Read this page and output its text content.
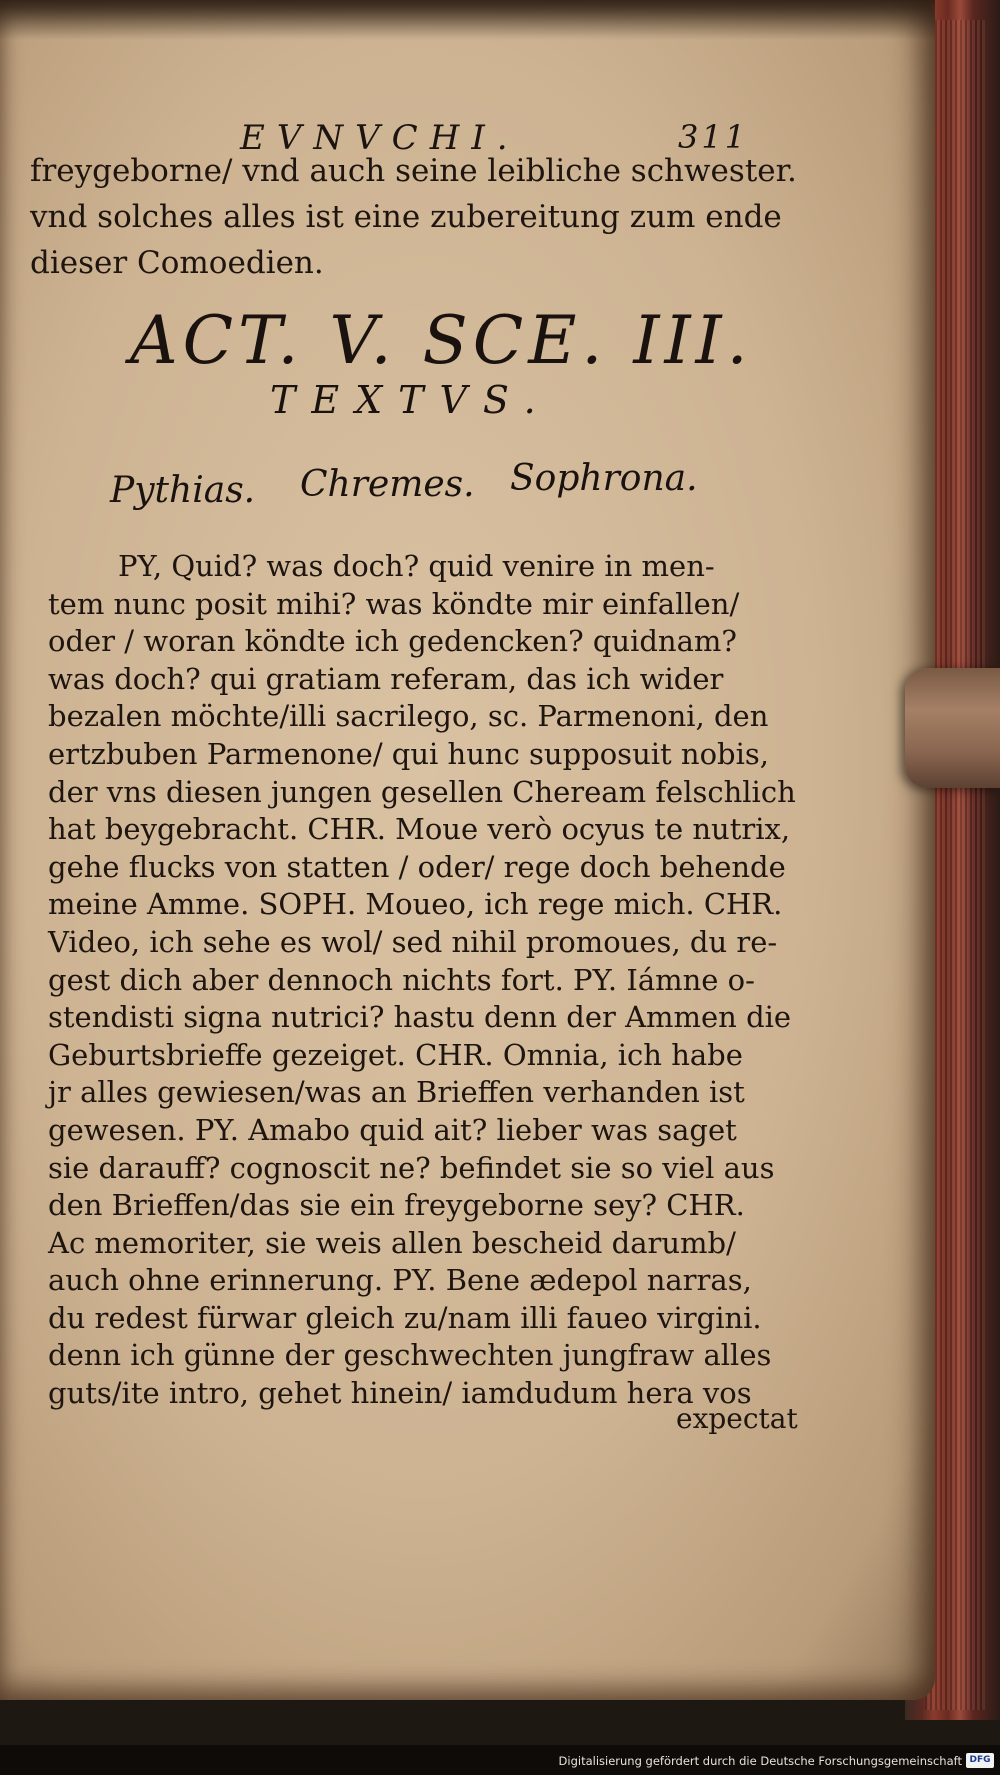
EVNVCHI.	311
freygeborne/ vnd auch seine leibliche schwester.
vnd solches alles ist eine zubereitung zum ende
dieser Comoedien.
ACT. V. SCE. III.
TEXTVS.
Pythias. Chremes. Sophrona.
PY, Quid? was doch? quid venire in men-
tem nunc posit mihi? was köndte mir einfallen/
oder / woran köndte ich gedencken? quidnam?
was doch? qui gratiam referam, das ich wider
bezalen möchte/illi sacrilego, sc. Parmenoni, den
ertzbuben Parmenone/ qui hunc supposuit nobis,
der vns diesen jungen gesellen Cheream felschlich
hat beygebracht. CHR. Moue verò ocyus te nutrix,
gehe flucks von statten / oder/ rege doch behende
meine Amme. SOPH. Moueo, ich rege mich. CHR.
Video, ich sehe es wol/ sed nihil promoues, du re-
gest dich aber dennoch nichts fort. PY. Iámne o-
stendisti signa nutrici? hastu denn der Ammen die
Geburtsbrieffe gezeiget. CHR. Omnia, ich habe
jr alles gewiesen/was an Brieffen verhanden ist
gewesen. PY. Amabo quid ait? lieber was saget
sie darauff? cognoscit ne? befindet sie so viel aus
den Brieffen/das sie ein freygeborne sey? CHR.
Ac memoriter, sie weis allen bescheid darumb/
auch ohne erinnerung. PY. Bene ædepol narras,
du redest fürwar gleich zu/nam illi faueo virgini.
denn ich günne der geschwechten jungfraw alles
guts/ite intro, gehet hinein/ iamdudum hera vos
expectat
Digitalisierung gefördert durch die Deutsche Forschungsgemeinschaft DFG
